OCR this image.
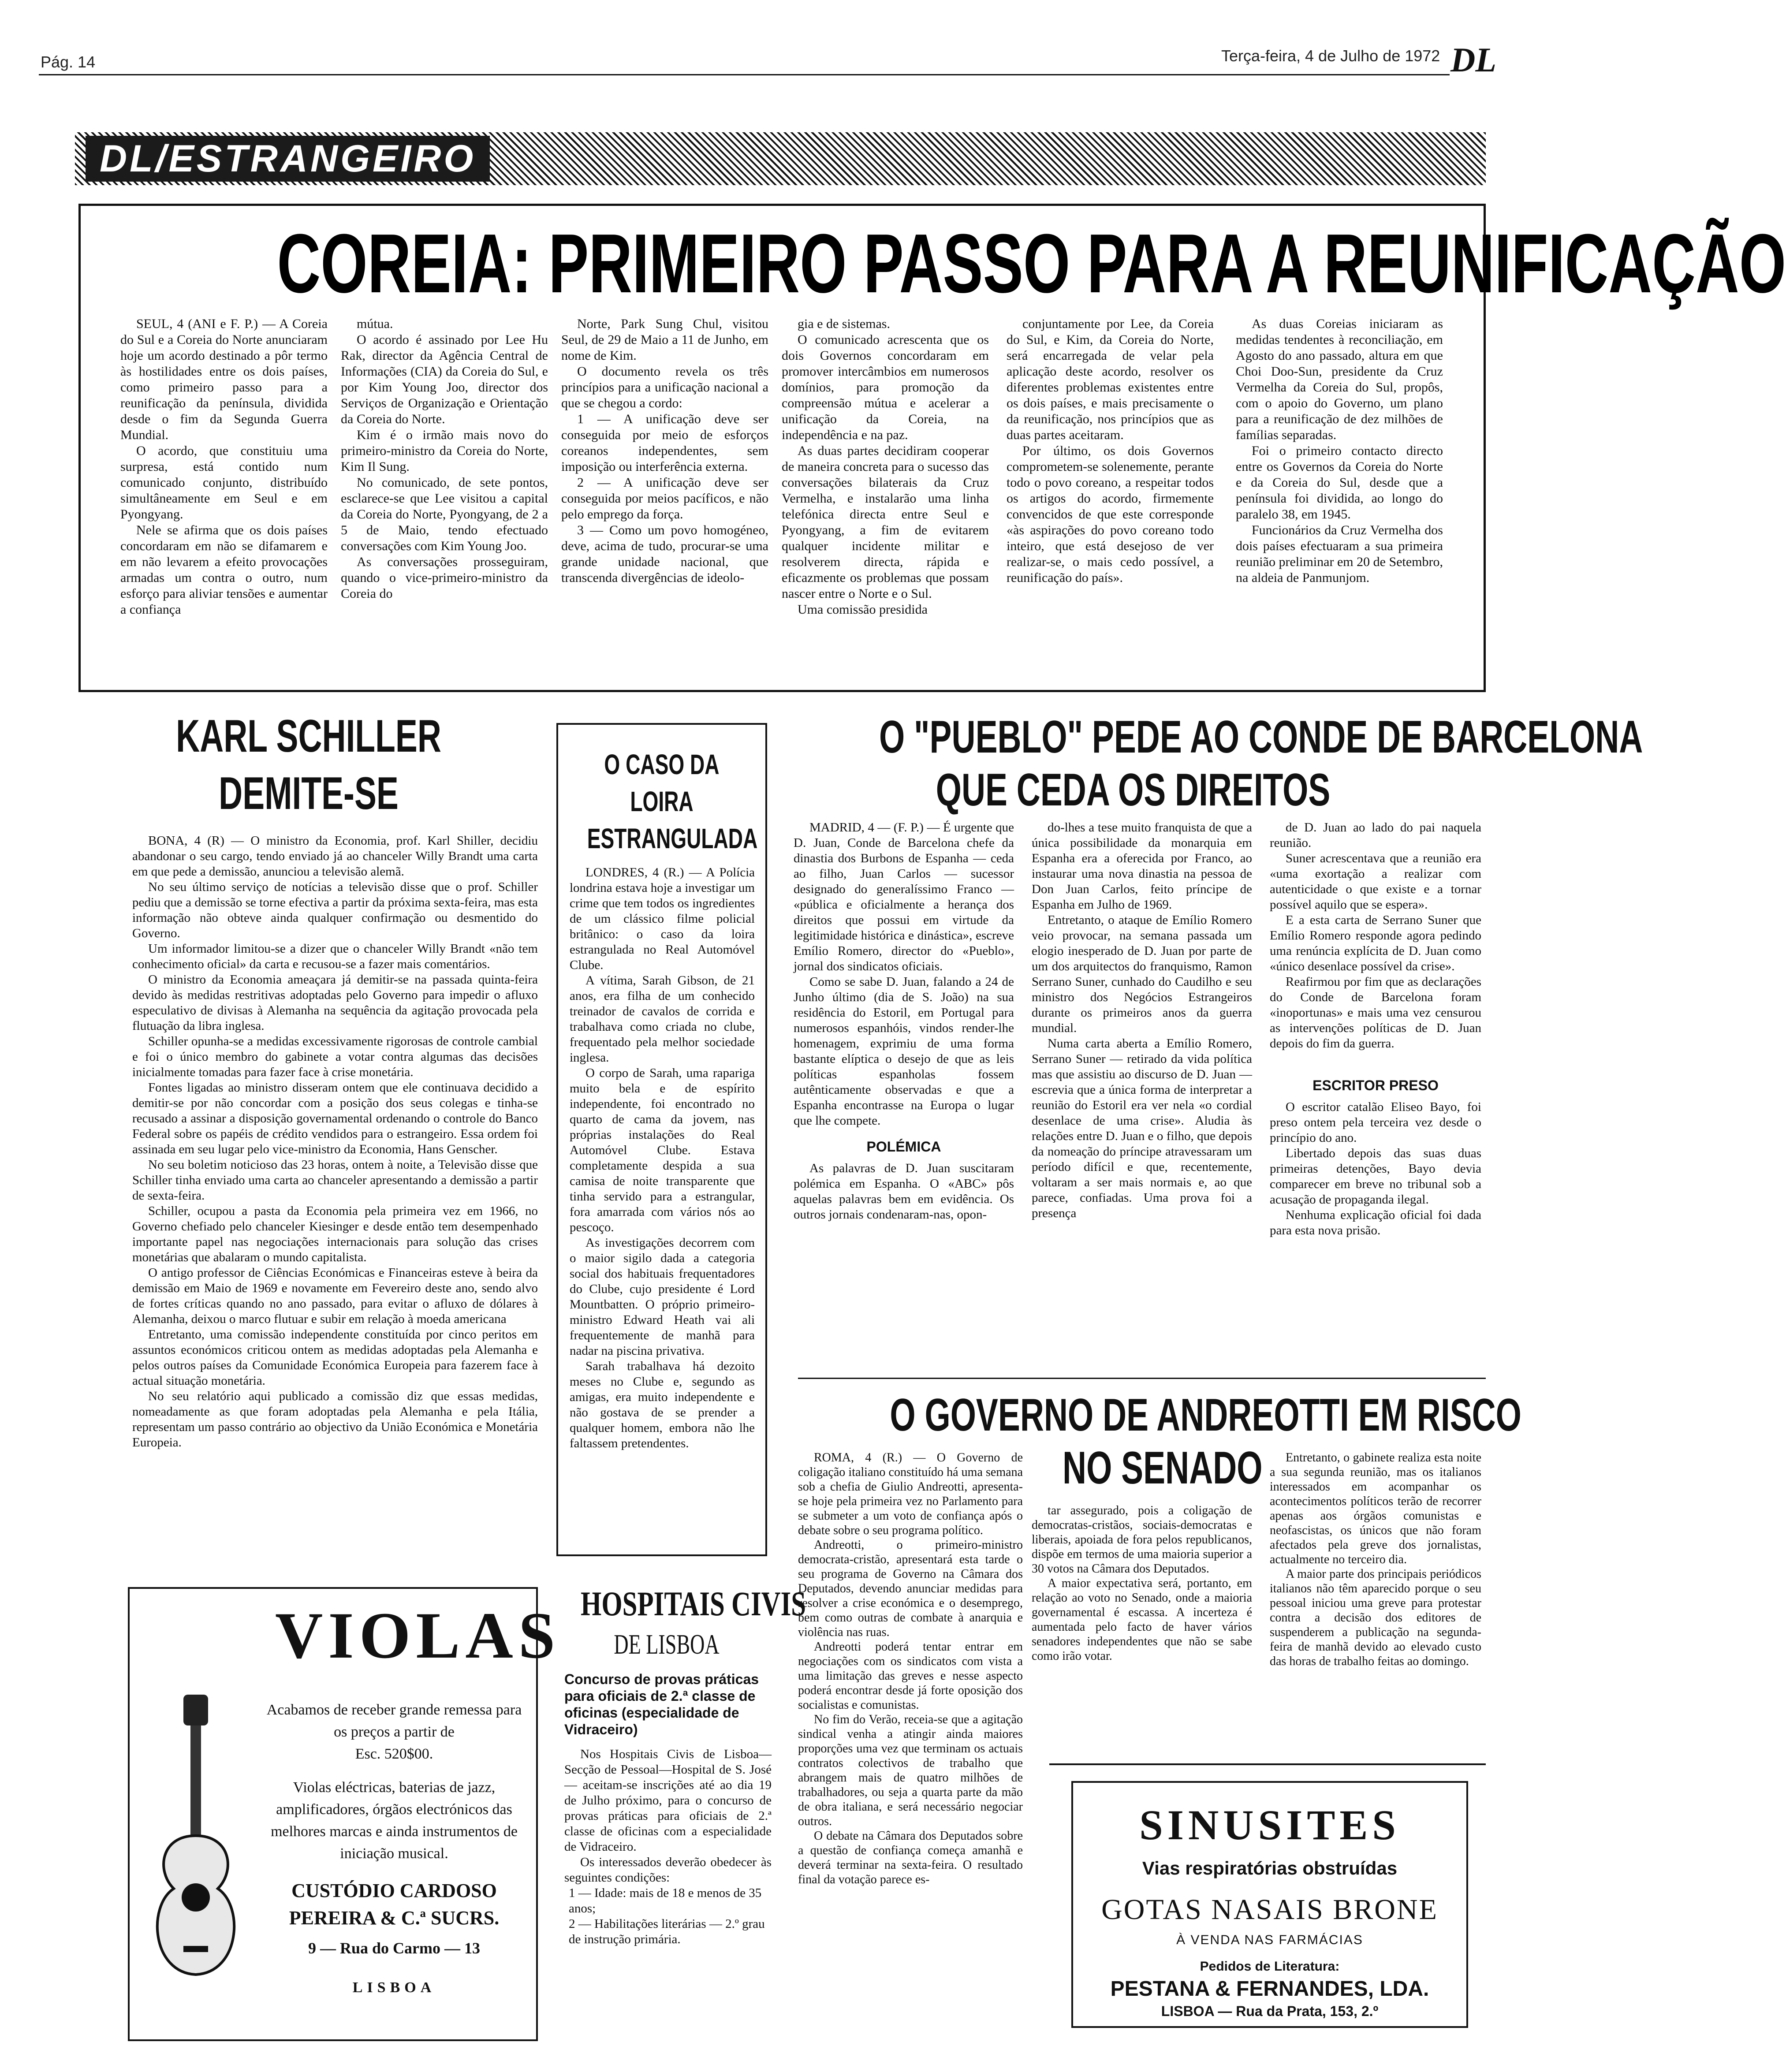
Pág. 14	Terça-feira, 4 de Julho de 1972 DL
DL/ESTRANGEIRO
COREIA: PRIMEIRO PASSO PARA A REUNIFICAÇÃO

SEUL, 4 (ANI e F. P.) — A Coreia do Sul e a Coreia do Norte anunciaram hoje um acordo destinado a pôr termo às hostilidades entre os dois países, como primeiro passo para a reunificação da península, dividida desde o fim da Segunda Guerra Mundial.

O acordo, que constituiu uma surpresa, está contido num comunicado conjunto, distribuído simultâneamente em Seul e em Pyongyang.

Nele se afirma que os dois países concordaram em não se difamarem e em não levarem a efeito provocações armadas um contra o outro, num esforço para aliviar tensões e aumentar a confiança

mútua.

O acordo é assinado por Lee Hu Rak, director da Agência Central de Informações (CIA) da Coreia do Sul, e por Kim Young Joo, director dos Serviços de Organização e Orientação da Coreia do Norte.

Kim é o irmão mais novo do primeiro-ministro da Coreia do Norte, Kim Il Sung.

No comunicado, de sete pontos, esclarece-se que Lee visitou a capital da Coreia do Norte, Pyongyang, de 2 a 5 de Maio, tendo efectuado conversações com Kim Young Joo.

As conversações prosseguiram, quando o vice-primeiro-ministro da Coreia do

Norte, Park Sung Chul, visitou Seul, de 29 de Maio a 11 de Junho, em nome de Kim.

O documento revela os três princípios para a unificação nacional a que se chegou a cordo:

1 — A unificação deve ser conseguida por meio de esforços coreanos independentes, sem imposição ou interferência externa.

2 — A unificação deve ser conseguida por meios pacíficos, e não pelo emprego da força.

3 — Como um povo homogéneo, deve, acima de tudo, procurar-se uma grande unidade nacional, que transcenda divergências de ideolo-

gia e de sistemas.

O comunicado acrescenta que os dois Governos concordaram em promover intercâmbios em numerosos domínios, para promoção da compreensão mútua e acelerar a unificação da Coreia, na independência e na paz.

As duas partes decidiram cooperar de maneira concreta para o sucesso das conversações bilaterais da Cruz Vermelha, e instalarão uma linha telefónica directa entre Seul e Pyongyang, a fim de evitarem qualquer incidente militar e resolverem directa, rápida e eficazmente os problemas que possam nascer entre o Norte e o Sul.

Uma comissão presidida

conjuntamente por Lee, da Coreia do Sul, e Kim, da Coreia do Norte, será encarregada de velar pela aplicação deste acordo, resolver os diferentes problemas existentes entre os dois países, e mais precisamente o da reunificação, nos princípios que as duas partes aceitaram.

Por último, os dois Governos comprometem-se solenemente, perante todo o povo coreano, a respeitar todos os artigos do acordo, firmemente convencidos de que este corresponde «às aspirações do povo coreano todo inteiro, que está desejoso de ver realizar-se, o mais cedo possível, a reunificação do país».

As duas Coreias iniciaram as medidas tendentes à reconciliação, em Agosto do ano passado, altura em que Choi Doo-Sun, presidente da Cruz Vermelha da Coreia do Sul, propôs, com o apoio do Governo, um plano para a reunificação de dez milhões de famílias separadas.

Foi o primeiro contacto directo entre os Governos da Coreia do Norte e da Coreia do Sul, desde que a península foi dividida, ao longo do paralelo 38, em 1945.

Funcionários da Cruz Vermelha dos dois países efectuaram a sua primeira reunião preliminar em 20 de Setembro, na aldeia de Panmunjom.

KARL SCHILLER
DEMITE-SE

BONA, 4 (R) — O ministro da Economia, prof. Karl Shiller, decidiu abandonar o seu cargo, tendo enviado já ao chanceler Willy Brandt uma carta em que pede a demissão, anunciou a televisão alemã.

No seu último serviço de notícias a televisão disse que o prof. Schiller pediu que a demissão se torne efectiva a partir da próxima sexta-feira, mas esta informação não obteve ainda qualquer confirmação ou desmentido do Governo.

Um informador limitou-se a dizer que o chanceler Willy Brandt «não tem conhecimento oficial» da carta e recusou-se a fazer mais comentários.

O ministro da Economia ameaçara já demitir-se na passada quinta-feira devido às medidas restritivas adoptadas pelo Governo para impedir o afluxo especulativo de divisas à Alemanha na sequência da agitação provocada pela flutuação da libra inglesa.

Schiller opunha-se a medidas excessivamente rigorosas de controle cambial e foi o único membro do gabinete a votar contra algumas das decisões inicialmente tomadas para fazer face à crise monetária.

Fontes ligadas ao ministro disseram ontem que ele continuava decidido a demitir-se por não concordar com a posição dos seus colegas e tinha-se recusado a assinar a disposição governamental ordenando o controle do Banco Federal sobre os papéis de crédito vendidos para o estrangeiro. Essa ordem foi assinada em seu lugar pelo vice-ministro da Economia, Hans Genscher.

No seu boletim noticioso das 23 horas, ontem à noite, a Televisão disse que Schiller tinha enviado uma carta ao chanceler apresentando a demissão a partir de sexta-feira.

Schiller, ocupou a pasta da Economia pela primeira vez em 1966, no Governo chefiado pelo chanceler Kiesinger e desde então tem desempenhado importante papel nas negociações internacionais para solução das crises monetárias que abalaram o mundo capitalista.

O antigo professor de Ciências Económicas e Financeiras esteve à beira da demissão em Maio de 1969 e novamente em Fevereiro deste ano, sendo alvo de fortes críticas quando no ano passado, para evitar o afluxo de dólares à Alemanha, deixou o marco flutuar e subir em relação à moeda americana

Entretanto, uma comissão independente constituída por cinco peritos em assuntos económicos criticou ontem as medidas adoptadas pela Alemanha e pelos outros países da Comunidade Económica Europeia para fazerem face à actual situação monetária.

No seu relatório aqui publicado a comissão diz que essas medidas, nomeadamente as que foram adoptadas pela Alemanha e pela Itália, representam um passo contrário ao objectivo da União Económica e Monetária Europeia.

O CASO DA
LOIRA
ESTRANGULADA

LONDRES, 4 (R.) — A Polícia londrina estava hoje a investigar um crime que tem todos os ingredientes de um clássico filme policial britânico: o caso da loira estrangulada no Real Automóvel Clube.

A vítima, Sarah Gibson, de 21 anos, era filha de um conhecido treinador de cavalos de corrida e trabalhava como criada no clube, frequentado pela melhor sociedade inglesa.

O corpo de Sarah, uma rapariga muito bela e de espírito independente, foi encontrado no quarto de cama da jovem, nas próprias instalações do Real Automóvel Clube. Estava completamente despida a sua camisa de noite transparente que tinha servido para a estrangular, fora amarrada com vários nós ao pescoço.

As investigações decorrem com o maior sigilo dada a categoria social dos habituais frequentadores do Clube, cujo presidente é Lord Mountbatten. O próprio primeiro-ministro Edward Heath vai ali frequentemente de manhã para nadar na piscina privativa.

Sarah trabalhava há dezoito meses no Clube e, segundo as amigas, era muito independente e não gostava de se prender a qualquer homem, embora não lhe faltassem pretendentes.

O "PUEBLO" PEDE AO CONDE DE BARCELONA
QUE CEDA OS DIREITOS

MADRID, 4 — (F. P.) — É urgente que D. Juan, Conde de Barcelona chefe da dinastia dos Burbons de Espanha — ceda ao filho, Juan Carlos — sucessor designado do generalíssimo Franco — «pública e oficialmente a herança dos direitos que possui em virtude da legitimidade histórica e dinástica», escreve Emílio Romero, director do «Pueblo», jornal dos sindicatos oficiais.

Como se sabe D. Juan, falando a 24 de Junho último (dia de S. João) na sua residência do Estoril, em Portugal para numerosos espanhóis, vindos render-lhe homenagem, exprimiu de uma forma bastante elíptica o desejo de que as leis políticas espanholas fossem autênticamente observadas e que a Espanha encontrasse na Europa o lugar que lhe compete.

POLÉMICA

As palavras de D. Juan suscitaram polémica em Espanha. O «ABC» pôs aquelas palavras bem em evidência. Os outros jornais condenaram-nas, opon-

do-lhes a tese muito franquista de que a única possibilidade da monarquia em Espanha era a oferecida por Franco, ao instaurar uma nova dinastia na pessoa de Don Juan Carlos, feito príncipe de Espanha em Julho de 1969.

Entretanto, o ataque de Emílio Romero veio provocar, na semana passada um elogio inesperado de D. Juan por parte de um dos arquitectos do franquismo, Ramon Serrano Suner, cunhado do Caudilho e seu ministro dos Negócios Estrangeiros durante os primeiros anos da guerra mundial.

Numa carta aberta a Emílio Romero, Serrano Suner — retirado da vida política mas que assistiu ao discurso de D. Juan — escrevia que a única forma de interpretar a reunião do Estoril era ver nela «o cordial desenlace de uma crise». Aludia às relações entre D. Juan e o filho, que depois da nomeação do príncipe atravessaram um período difícil e que, recentemente, voltaram a ser mais normais e, ao que parece, confiadas. Uma prova foi a presença

de D. Juan ao lado do pai naquela reunião.

Suner acrescentava que a reunião era «uma exortação a realizar com autenticidade o que existe e a tornar possível aquilo que se espera».

E a esta carta de Serrano Suner que Emílio Romero responde agora pedindo uma renúncia explícita de D. Juan como «único desenlace possível da crise».

Reafirmou por fim que as declarações do Conde de Barcelona foram «inoportunas» e mais uma vez censurou as intervenções políticas de D. Juan depois do fim da guerra.

ESCRITOR PRESO

O escritor catalão Eliseo Bayo, foi preso ontem pela terceira vez desde o princípio do ano.

Libertado depois das suas duas primeiras detenções, Bayo devia comparecer em breve no tribunal sob a acusação de propaganda ilegal.

Nenhuma explicação oficial foi dada para esta nova prisão.

O GOVERNO DE ANDREOTTI EM RISCO
NO SENADO

ROMA, 4 (R.) — O Governo de coligação italiano constituído há uma semana sob a chefia de Giulio Andreotti, apresenta-se hoje pela primeira vez no Parlamento para se submeter a um voto de confiança após o debate sobre o seu programa político.

Andreotti, o primeiro-ministro democrata-cristão, apresentará esta tarde o seu programa de Governo na Câmara dos Deputados, devendo anunciar medidas para resolver a crise económica e o desemprego, bem como outras de combate à anarquia e violência nas ruas.

Andreotti poderá tentar entrar em negociações com os sindicatos com vista a uma limitação das greves e nesse aspecto poderá encontrar desde já forte oposição dos socialistas e comunistas.

No fim do Verão, receia-se que a agitação sindical venha a atingir ainda maiores proporções uma vez que terminam os actuais contratos colectivos de trabalho que abrangem mais de quatro milhões de trabalhadores, ou seja a quarta parte da mão de obra italiana, e será necessário negociar outros.

O debate na Câmara dos Deputados sobre a questão de confiança começa amanhã e deverá terminar na sexta-feira. O resultado final da votação parece es-

tar assegurado, pois a coligação de democratas-cristãos, sociais-democratas e liberais, apoiada de fora pelos republicanos, dispõe em termos de uma maioria superior a 30 votos na Câmara dos Deputados.

A maior expectativa será, portanto, em relação ao voto no Senado, onde a maioria governamental é escassa. A incerteza é aumentada pelo facto de haver vários senadores independentes que não se sabe como irão votar.

Entretanto, o gabinete realiza esta noite a sua segunda reunião, mas os italianos interessados em acompanhar os acontecimentos políticos terão de recorrer apenas aos órgãos comunistas e neofascistas, os únicos que não foram afectados pela greve dos jornalistas, actualmente no terceiro dia.

A maior parte dos principais periódicos italianos não têm aparecido porque o seu pessoal iniciou uma greve para protestar contra a decisão dos editores de suspenderem a publicação na segunda-feira de manhã devido ao elevado custo das horas de trabalho feitas ao domingo.

VIOLAS
Acabamos de receber grande remessa para os preços a partir de
Esc. 520$00.
Violas eléctricas, baterias de jazz, amplificadores, órgãos electrónicos das melhores marcas e ainda instrumentos de iniciação musical.
CUSTÓDIO CARDOSO
PEREIRA & C.ª SUCRS.
9 — Rua do Carmo — 13
LISBOA
HOSPITAIS CIVIS
DE LISBOA
Concurso de provas práticas para oficiais de 2.ª classe de oficinas (especialidade de Vidraceiro)

Nos Hospitais Civis de Lisboa—Secção de Pessoal—Hospital de S. José — aceitam-se inscrições até ao dia 19 de Julho próximo, para o concurso de provas práticas para oficiais de 2.ª classe de oficinas com a especialidade de Vidraceiro.

Os interessados deverão obedecer às seguintes condições:

1 — Idade: mais de 18 e menos de 35 anos;
2 — Habilitações literárias — 2.º grau de instrução primária.
SINUSITES
Vias respiratórias obstruídas
GOTAS NASAIS BRONE
À VENDA NAS FARMÁCIAS
Pedidos de Literatura:
PESTANA & FERNANDES, LDA.
LISBOA — Rua da Prata, 153, 2.º
